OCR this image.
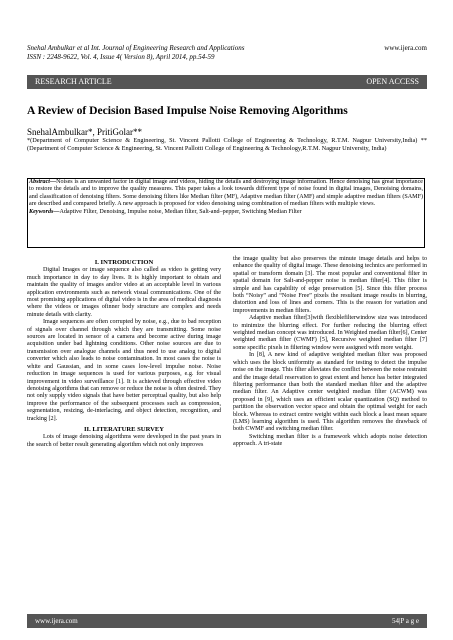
Snehal Ambulkar et al Int. Journal of Engineering Research and Applications
ISSN : 2248-9622, Vol. 4, Issue 4( Version 8), April 2014, pp.54-59
www.ijera.com
RESEARCH ARTICLE	OPEN ACCESS
A Review of Decision Based Impulse Noise Removing Algorithms
SnehalAmbulkar*, PritiGolar**
*(Department of Computer Science & Engineering, St. Vincent Pallotti College of Engineering & Technology, R.T.M. Nagpur University,India) **(Department of Computer Science & Engineering, St. Vincent Pallotti College of Engineering & Technology,R.T.M. Nagpur University, India)
Abstract—Noises is an unwanted factor in digital image and videos, hiding the details and destroying image information. Hence denoising has great importance to restore the details and to improve the quality measures. This paper takes a look towards different type of noise found in digital images, Denoising domains, and classification of denoising filters. Some denoising filters like Median filter (MF), Adaptive median filter (AMF) and simple adaptive median filters (SAMF) are described and compared briefly. A new approach is proposed for video denoising using combination of median filters with multiple views.
Keywords—Adaptive Filter, Denoising, Impulse noise, Median filter, Salt-and–pepper, Switching Median Filter
I. INTRODUCTION

Digital Images or image sequence also called as video is getting very much importance in day to day lives. It is highly important to obtain and maintain the quality of images and/or video at an acceptable level in various application environments such as network visual communications. One of the most promising applications of digital video is in the area of medical diagnosis where the videos or images ofinner body structure are complex and needs minute details with clarity.

Image sequences are often corrupted by noise, e.g., due to bad reception of signals over channel through which they are transmitting. Some noise sources are located in sensor of a camera and become active during image acquisition under bad lightning conditions. Other noise sources are due to transmission over analogue channels and thus need to use analog to digital converter which also leads to noise contamination. In most cases the noise is white and Gaussian, and in some cases low-level impulse noise. Noise reduction in image sequences is used for various purposes, e.g. for visual improvement in video surveillance [1]. It is achieved through effective video denoising algorithms that can remove or reduce the noise is often desired. They not only supply video signals that have better perceptual quality, but also help improve the performance of the subsequent processes such as compression, segmentation, resizing, de-interlacing, and object detection, recognition, and tracking [2].

II. LITERATURE SURVEY

Lots of image denoising algorithms were developed in the past years in the search of better result generating algorithm which not only improves

the image quality but also preserves the minute image details and helps to enhance the quality of digital image. These denoising technics are performed in spatial or transform domain [3]. The most popular and conventional filter in spatial domain for Salt-and-pepper noise is median filter[4]. This filter is simple and has capability of edge preservation [5]. Since this filter process both “Noisy” and “Noise Free” pixels the resultant image results in blurring, distortion and loss of lines and corners. This is the reason for variation and improvements in median filters.

Adaptive median filter[3]with flexiblefilterwindow size was introduced to minimize the blurring effect. For further reducing the blurring effect weighted median concept was introduced. In Weighted median filter[6], Center weighted median filter (CWMF) [5], Recursive weighted median filter [7] some specific pixels in filtering window were assigned with more weight.

In [8], A new kind of adaptive weighted median filter was proposed which uses the block uniformity as standard for testing to detect the impulse noise on the image. This filter alleviates the conflict between the noise restraint and the image detail reservation to great extent and hence has better integrated filtering performance than both the standard median filter and the adaptive median filter. An Adaptive center weighted median filter (ACWM) was proposed in [9], which uses an efficient scalar quantization (SQ) method to partition the observation vector space and obtain the optimal weight for each block. Whereas to extract centre weight within each block a least mean square (LMS) learning algorithm is used. This algorithm removes the drawback of both CWMF and switching median filter.

Switching median filter is a framework which adopts noise detection approach. A tri-state

www.ijera.com	54|P a g e
